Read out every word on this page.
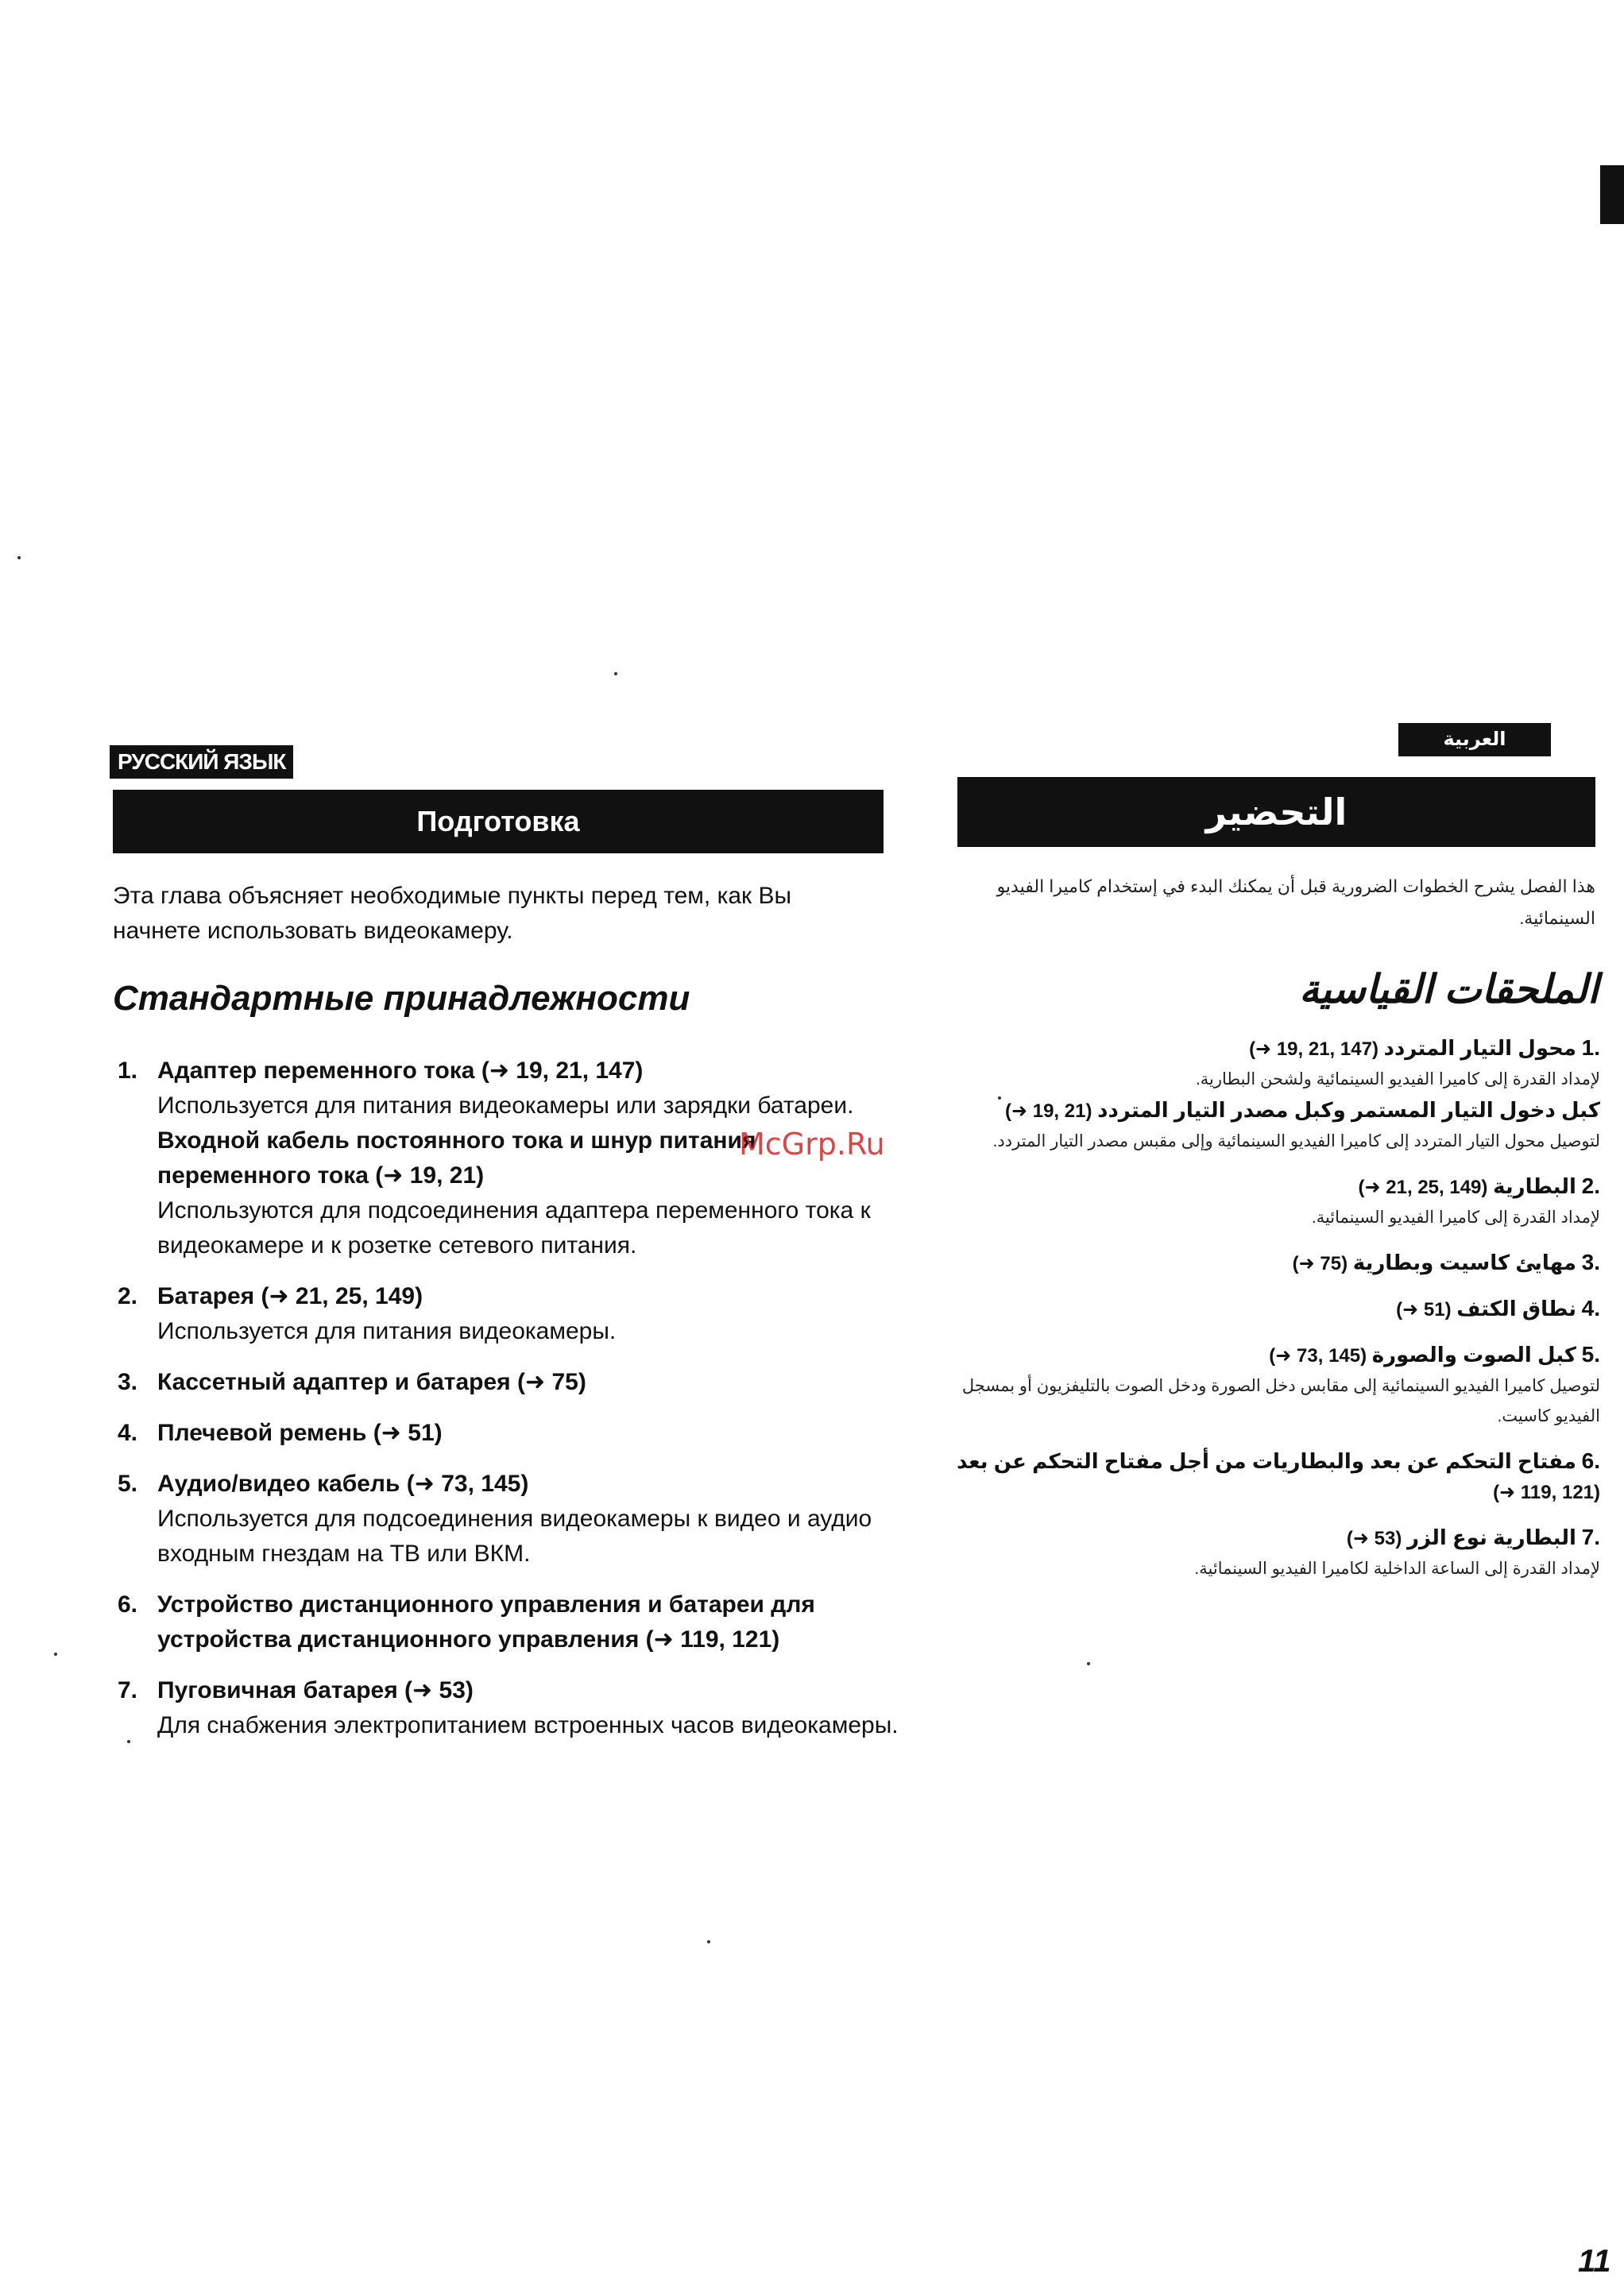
РУССКИЙ ЯЗЫК
Подготовка
Эта глава объясняет необходимые пункты перед тем, как Вы начнете использовать видеокамеру.
Стандартные принадлежности
1. Адаптер переменного тока (➜ 19, 21, 147)
Используется для питания видеокамеры или зарядки батареи.
Входной кабель постоянного тока и шнур питания переменного тока (➜ 19, 21)
Используются для подсоединения адаптера переменного тока к видеокамере и к розетке сетевого питания.
2. Батарея (➜ 21, 25, 149)
Используется для питания видеокамеры.
3. Кассетный адаптер и батарея (➜ 75)
4. Плечевой ремень (➜ 51)
5. Аудио/видео кабель (➜ 73, 145)
Используется для подсоединения видеокамеры к видео и аудио входным гнездам на ТВ или ВКМ.
6. Устройство дистанционного управления и батареи для устройства дистанционного управления (➜ 119, 121)
7. Пуговичная батарея (➜ 53)
Для снабжения электропитанием встроенных часов видеокамеры.
العربية
التحضير
هذا الفصل يشرح الخطوات الضرورية قبل أن يمكنك البدء في إستخدام كاميرا الفيديو السينمائية.
الملحقات القياسية
.1 محول التيار المتردد (➜ 19, 21, 147)
لإمداد القدرة إلى كاميرا الفيديو السينمائية ولشحن البطارية.
كبل دخول التيار المستمر وكبل مصدر التيار المتردد (➜ 19, 21)
لتوصيل محول التيار المتردد إلى كاميرا الفيديو السينمائية وإلى مقبس مصدر التيار المتردد.
.2 البطارية (➜ 21, 25, 149)
لإمداد القدرة إلى كاميرا الفيديو السينمائية.
.3 مهايئ كاسيت وبطارية (➜ 75)
.4 نطاق الكتف (➜ 51)
.5 كبل الصوت والصورة (➜ 73, 145)
لتوصيل كاميرا الفيديو السينمائية إلى مقابس دخل الصورة ودخل الصوت بالتليفزيون أو بمسجل الفيديو كاسيت.
.6 مفتاح التحكم عن بعد والبطاريات من أجل مفتاح التحكم عن بعد
(➜ 119, 121)
.7 البطارية نوع الزر (➜ 53)
لإمداد القدرة إلى الساعة الداخلية لكاميرا الفيديو السينمائية.
McGrp.Ru
11
